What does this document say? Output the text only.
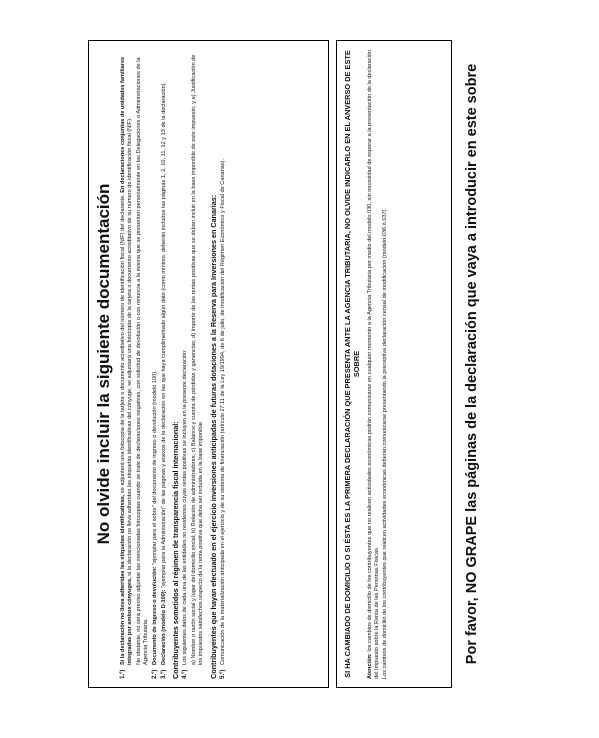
No olvide incluir la siguiente documentación
1.º)
Si la declaración no lleva adheridas las etiquetas identificativas, se adjuntará una fotocopia de la tarjeta o documento acreditativo del número de identificación fiscal (NIF) del declarante. En declaraciones conjuntas de unidades familiares integradas por ambos cónyuges, si la declaración no lleva adheridas las etiquetas identificativas del cónyuge, se adjuntará una fotocopia de la tarjeta o documento acreditativo de su número de identificación fiscal (NIF). No obstante, no será preciso adjuntar las mencionadas fotocopias cuando se trate de declaraciones negativas, con solicitud de devolución o con renuncia a la misma que se presenten personalmente en las Delegaciones o Administraciones de la Agencia Tributaria.
2.º)
Documento de ingreso o devolución: "ejemplar para el sobre" del documento de ingreso o devolución (modelo 100).
3.º)
Declaración (modelo D-100): "ejemplar para la Administración" de las páginas y anexos de la declaración en las que haya cumplimentado algún dato (como mínimo, deberán incluirse las páginas 1, 2, 10, 11, 12 y 13 de la declaración). Contribuyentes sometidos al régimen de transparencia fiscal internacional: 4.º)
Los siguientes datos de cada una de las entidades no residentes cuyas rentas positivas se incluyan en la presente declaración: a) Nombre o razón social y lugar del domicilio social; b) Relación de administradores; c) Balance y cuenta de pérdidas y ganancias; d) Importe de las rentas positivas que se deban incluir en la base imponible de este impuesto, y e) Justificación de los impuestos satisfechos respecto de la renta positiva que deba ser incluida en la base imponible. Contribuyentes que hayan efectuado en el ejercicio inversiones anticipadas de futuras dotaciones a la Reserva para Inversiones en Canarias: 5.º)
Comunicación de la materialización anticipada en el ejercicio y de su sistema de financiación (artículo 27.11 de la Ley 19/1994, de 6 de julio, de modificación del Régimen Económico y Fiscal de Canarias).	SI HA CAMBIADO DE DOMICILIO O SI ÉSTA ES LA PRIMERA DECLARACIÓN QUE PRESENTA ANTE LA AGENCIA TRIBUTARIA, NO OLVIDE INDICARLO EN EL ANVERSO DE ESTE SOBRE
Atención: los cambios de domicilio de los contribuyentes que no realicen actividades económicas podrán comunicarse en cualquier momento a la Agencia Tributaria por medio del modelo 030, sin necesidad de esperar a la presentación de la declaración del Impuesto sobre la Renta de las Personas Físicas. Los cambios de domicilio de los contribuyentes que realicen actividades económicas deberán comunicarse presentando la preceptiva declaración censal de modificación (modelo 036 ó 037).	Por favor, NO GRAPE las páginas de la declaración que vaya a introducir en este sobre
